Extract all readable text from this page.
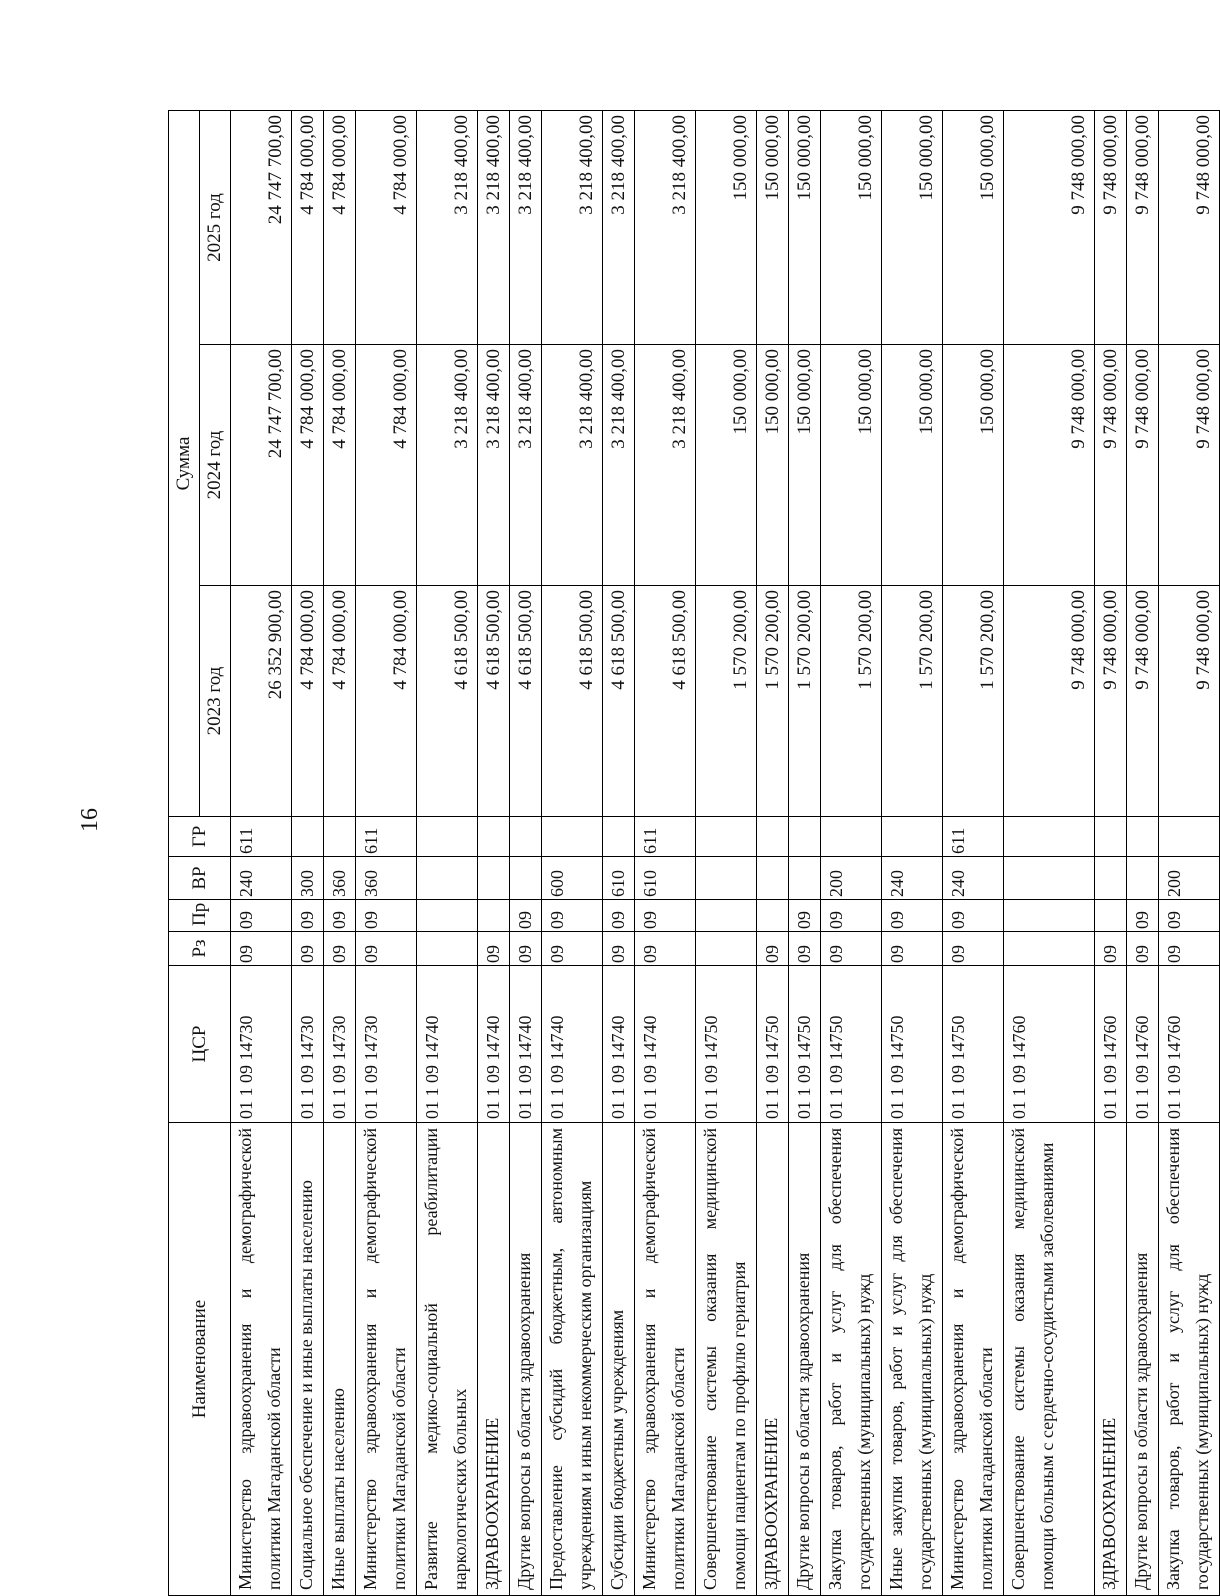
16
Наименование	ЦСР	Рз	Пр	ВР	ГР	Сумма		
						2023 год	2024 год	2025 год
Министерство здравоохранения и демографической политики Магаданской области	01 1 09 14730	09	09	240	611	26 352 900,00	24 747 700,00	24 747 700,00
Социальное обеспечение и иные выплаты населению	01 1 09 14730	09	09	300		4 784 000,00	4 784 000,00	4 784 000,00
Иные выплаты населению	01 1 09 14730	09	09	360		4 784 000,00	4 784 000,00	4 784 000,00
Министерство здравоохранения и демографической политики Магаданской области	01 1 09 14730	09	09	360	611	4 784 000,00	4 784 000,00	4 784 000,00
Развитие медико-социальной реабилитации наркологических больных	01 1 09 14740					4 618 500,00	3 218 400,00	3 218 400,00
ЗДРАВООХРАНЕНИЕ	01 1 09 14740	09				4 618 500,00	3 218 400,00	3 218 400,00
Другие вопросы в области здравоохранения	01 1 09 14740	09	09			4 618 500,00	3 218 400,00	3 218 400,00
Предоставление субсидий бюджетным, автономным учреждениям и иным некоммерческим организациям	01 1 09 14740	09	09	600		4 618 500,00	3 218 400,00	3 218 400,00
Субсидии бюджетным учреждениям	01 1 09 14740	09	09	610		4 618 500,00	3 218 400,00	3 218 400,00
Министерство здравоохранения и демографической политики Магаданской области	01 1 09 14740	09	09	610	611	4 618 500,00	3 218 400,00	3 218 400,00
Совершенствование системы оказания медицинской помощи пациентам по профилю гериатрия	01 1 09 14750					1 570 200,00	150 000,00	150 000,00
ЗДРАВООХРАНЕНИЕ	01 1 09 14750	09				1 570 200,00	150 000,00	150 000,00
Другие вопросы в области здравоохранения	01 1 09 14750	09	09			1 570 200,00	150 000,00	150 000,00
Закупка товаров, работ и услуг для обеспечения государственных (муниципальных) нужд	01 1 09 14750	09	09	200		1 570 200,00	150 000,00	150 000,00
Иные закупки товаров, работ и услуг для обеспечения государственных (муниципальных) нужд	01 1 09 14750	09	09	240		1 570 200,00	150 000,00	150 000,00
Министерство здравоохранения и демографической политики Магаданской области	01 1 09 14750	09	09	240	611	1 570 200,00	150 000,00	150 000,00
Совершенствование системы оказания медицинской помощи больным с сердечно-сосудистыми заболеваниями	01 1 09 14760					9 748 000,00	9 748 000,00	9 748 000,00
ЗДРАВООХРАНЕНИЕ	01 1 09 14760	09				9 748 000,00	9 748 000,00	9 748 000,00
Другие вопросы в области здравоохранения	01 1 09 14760	09	09			9 748 000,00	9 748 000,00	9 748 000,00
Закупка товаров, работ и услуг для обеспечения государственных (муниципальных) нужд	01 1 09 14760	09	09	200		9 748 000,00	9 748 000,00	9 748 000,00
